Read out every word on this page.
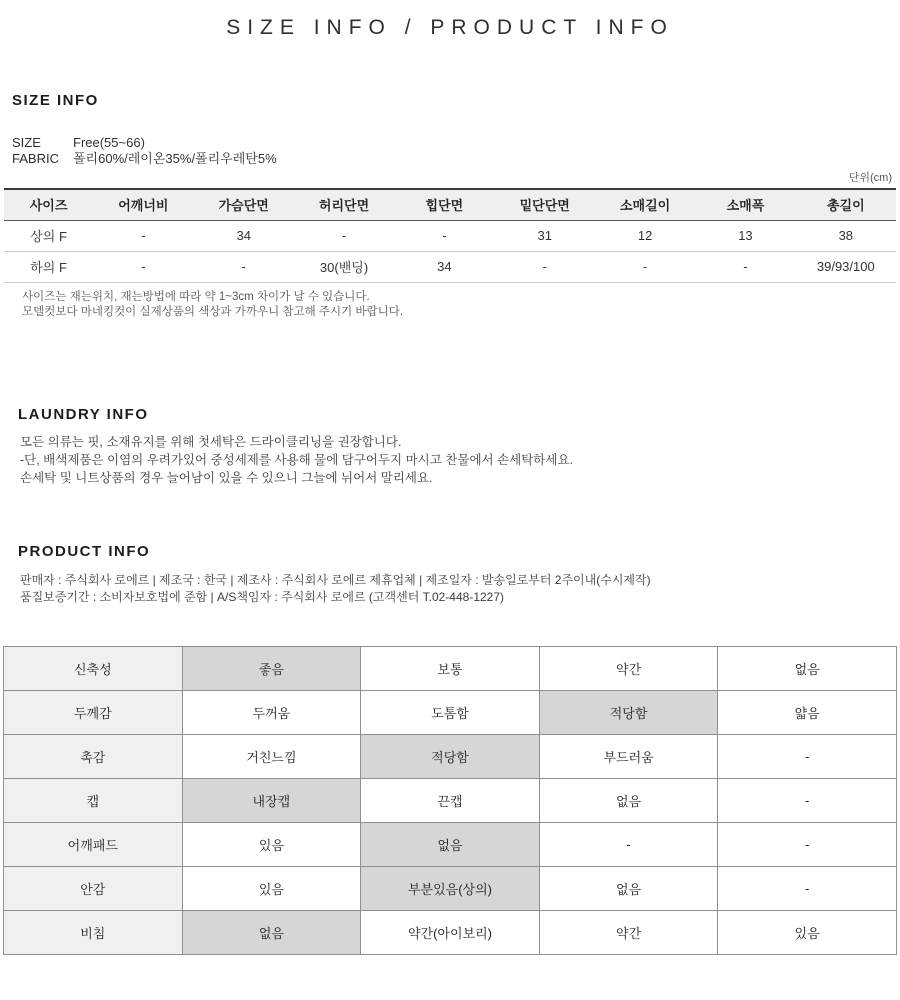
SIZE INFO / PRODUCT INFO
SIZE INFO
SIZE Free(55~66)
FABRIC 폴리60%/레이온35%/폴리우레탄5%
단위(cm)
사이즈	어깨너비	가슴단면	허리단면	힙단면	밑단단면	소매길이	소매폭	총길이
상의 F	-	34	-	-	31	12	13	38
하의 F	-	-	30(밴딩)	34	-	-	-	39/93/100
사이즈는 재는위치, 재는방법에 따라 약 1~3cm 차이가 날 수 있습니다.
모델컷보다 마네킹컷이 실제상품의 색상과 가까우니 참고해 주시기 바랍니다.
LAUNDRY INFO
모든 의류는 핏, 소재유지를 위해 첫세탁은 드라이클리닝을 권장합니다.
-단, 배색제품은 이염의 우려가있어 중성세제를 사용해 물에 담구어두지 마시고 찬물에서 손세탁하세요.
손세탁 및 니트상품의 경우 늘어남이 있을 수 있으니 그늘에 뉘어서 말리세요.
PRODUCT INFO
판매자 : 주식회사 로에르 | 제조국 : 한국 | 제조사 : 주식회사 로에르 제휴업체 | 제조일자 : 발송일로부터 2주이내(수시제작)
품질보증기간 : 소비자보호법에 준함 | A/S책임자 : 주식회사 로에르 (고객센터 T.02-448-1227)
신축성	좋음	보통	약간	없음
두께감	두꺼움	도톰함	적당함	얇음
촉감	거친느낌	적당함	부드러움	-
캡	내장캡	끈캡	없음	-
어깨패드	있음	없음	-	-
안감	있음	부분있음(상의)	없음	-
비침	없음	약간(아이보리)	약간	있음
